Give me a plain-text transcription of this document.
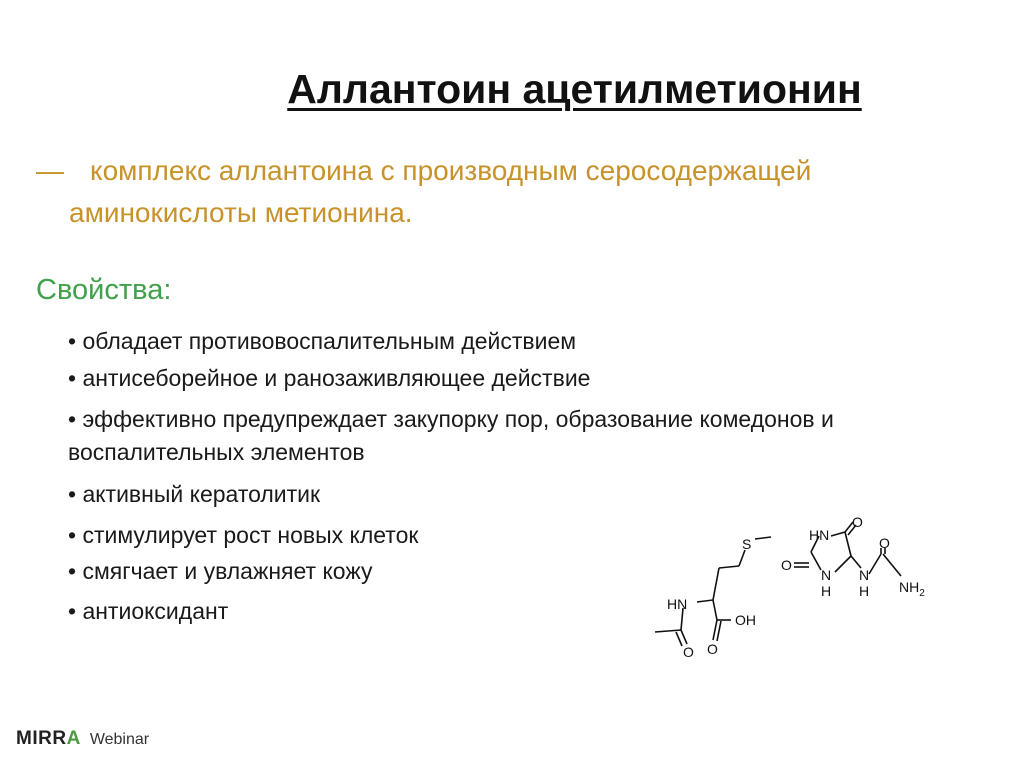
Аллантоин ацетилметионин
— комплекс аллантоина с производным серосодержащей
аминокислоты метионина.
Свойства:
• обладает противовоспалительным действием
• антисеборейное и ранозаживляющее действие
• эффективно предупреждает закупорку пор, образование комедонов и
воспалительных элементов
• активный кератолитик
• стимулирует рост новых клеток
• смягчает и увлажняет кожу
• антиоксидант
S
HN
O
OH
O
HN
O
O
N
H
N
H
O
$NH_2$
MIRRA Webinar
